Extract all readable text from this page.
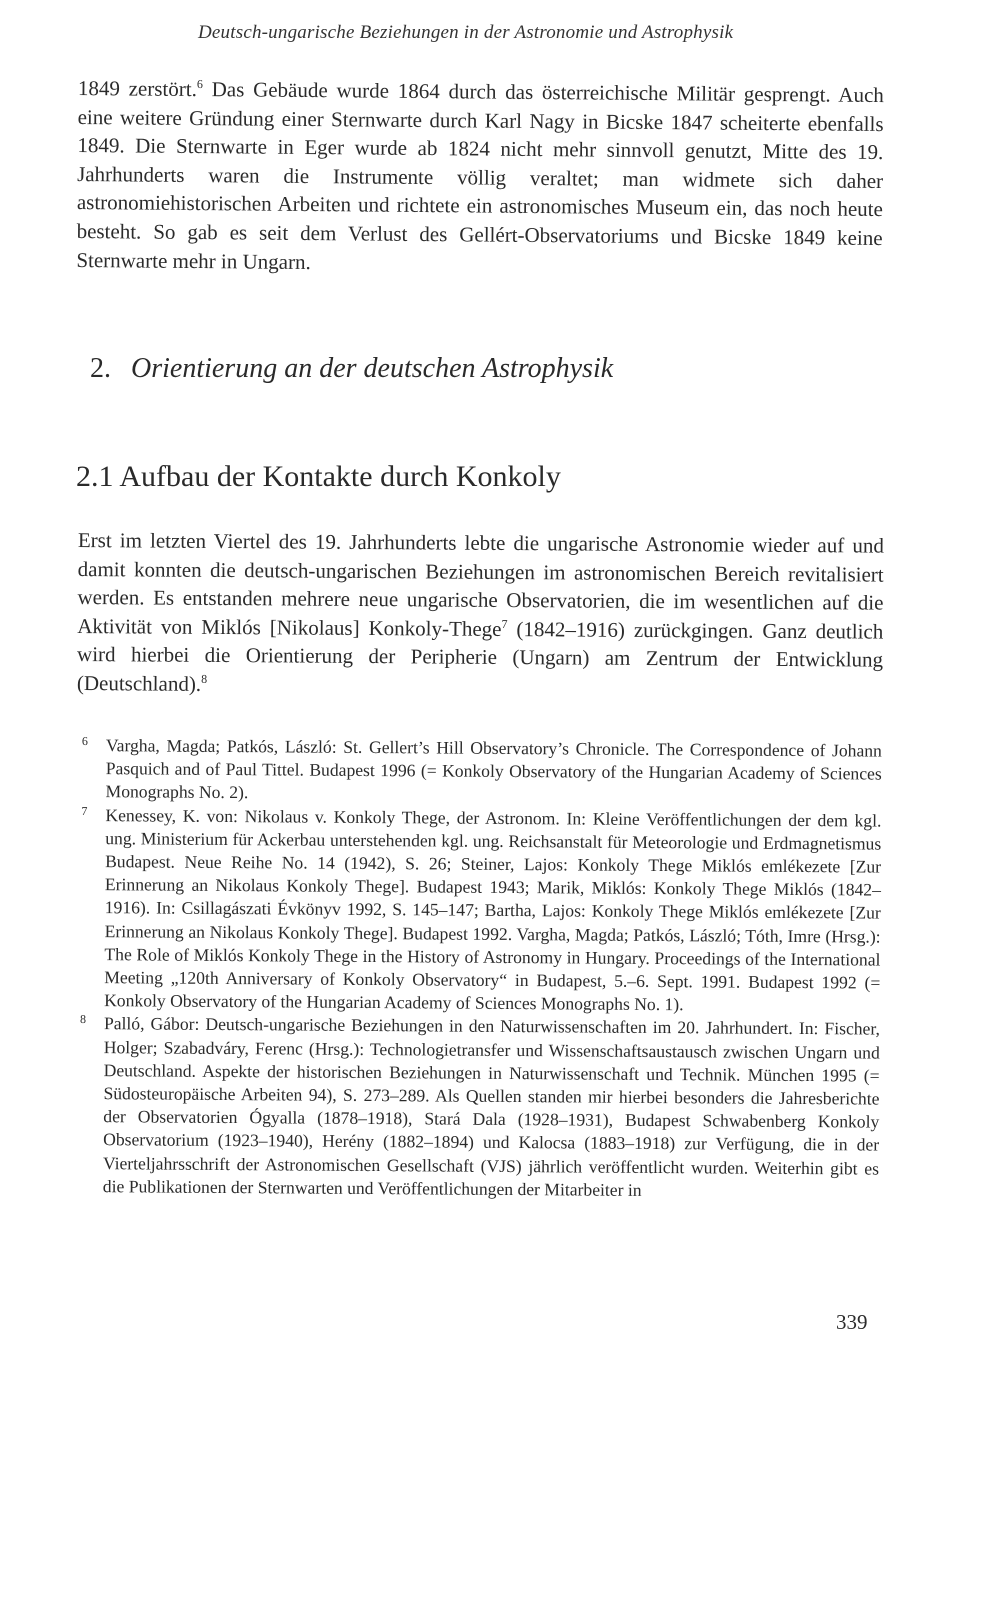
Deutsch-ungarische Beziehungen in der Astronomie und Astrophysik
1849 zerstört.$^6$ Das Gebäude wurde 1864 durch das österreichische Militär gesprengt. Auch eine weitere Gründung einer Sternwarte durch Karl Nagy in Bicske 1847 scheiterte ebenfalls 1849. Die Sternwarte in Eger wurde ab 1824 nicht mehr sinnvoll genutzt, Mitte des 19. Jahrhunderts waren die Instrumente völlig veraltet; man widmete sich daher astronomiehistorischen Arbeiten und richtete ein astronomisches Museum ein, das noch heute besteht. So gab es seit dem Verlust des Gellért-Observatoriums und Bicske 1849 keine Sternwarte mehr in Ungarn.
2. Orientierung an der deutschen Astrophysik
2.1 Aufbau der Kontakte durch Konkoly
Erst im letzten Viertel des 19. Jahrhunderts lebte die ungarische Astronomie wieder auf und damit konnten die deutsch-ungarischen Beziehungen im astronomischen Bereich revitalisiert werden. Es entstanden mehrere neue ungarische Observatorien, die im wesentlichen auf die Aktivität von Miklós [Nikolaus] Konkoly-Thege$^7$ (1842–1916) zurückgingen. Ganz deutlich wird hierbei die Orientierung der Peripherie (Ungarn) am Zentrum der Entwicklung (Deutschland).$^8$
6 Vargha, Magda; Patkós, László: St. Gellert’s Hill Observatory’s Chronicle. The Correspondence of Johann Pasquich and of Paul Tittel. Budapest 1996 (= Konkoly Observatory of the Hungarian Academy of Sciences Monographs No. 2).
7 Kenessey, K. von: Nikolaus v. Konkoly Thege, der Astronom. In: Kleine Veröffentlichungen der dem kgl. ung. Ministerium für Ackerbau unterstehenden kgl. ung. Reichsanstalt für Meteorologie und Erdmagnetismus Budapest. Neue Reihe No. 14 (1942), S. 26; Steiner, Lajos: Konkoly Thege Miklós emlékezete [Zur Erinnerung an Nikolaus Konkoly Thege]. Budapest 1943; Marik, Miklós: Konkoly Thege Miklós (1842–1916). In: Csillagászati Évkönyv 1992, S. 145–147; Bartha, Lajos: Konkoly Thege Miklós emlékezete [Zur Erinnerung an Nikolaus Konkoly Thege]. Budapest 1992. Vargha, Magda; Patkós, László; Tóth, Imre (Hrsg.): The Role of Miklós Konkoly Thege in the History of Astronomy in Hungary. Proceedings of the International Meeting „120th Anniversary of Konkoly Observatory“ in Budapest, 5.–6. Sept. 1991. Budapest 1992 (= Konkoly Observatory of the Hungarian Academy of Sciences Monographs No. 1).
8 Palló, Gábor: Deutsch-ungarische Beziehungen in den Naturwissenschaften im 20. Jahrhundert. In: Fischer, Holger; Szabadváry, Ferenc (Hrsg.): Technologietransfer und Wissenschaftsaustausch zwischen Ungarn und Deutschland. Aspekte der historischen Beziehungen in Naturwissenschaft und Technik. München 1995 (= Südosteuropäische Arbeiten 94), S. 273–289. Als Quellen standen mir hierbei besonders die Jahresberichte der Observatorien Ógyalla (1878–1918), Stará Dala (1928–1931), Budapest Schwabenberg Konkoly Observatorium (1923–1940), Herény (1882–1894) und Kalocsa (1883–1918) zur Verfügung, die in der Vierteljahrsschrift der Astronomischen Gesellschaft (VJS) jährlich veröffentlicht wurden. Weiterhin gibt es die Publikationen der Sternwarten und Veröffentlichungen der Mitarbeiter in
339
